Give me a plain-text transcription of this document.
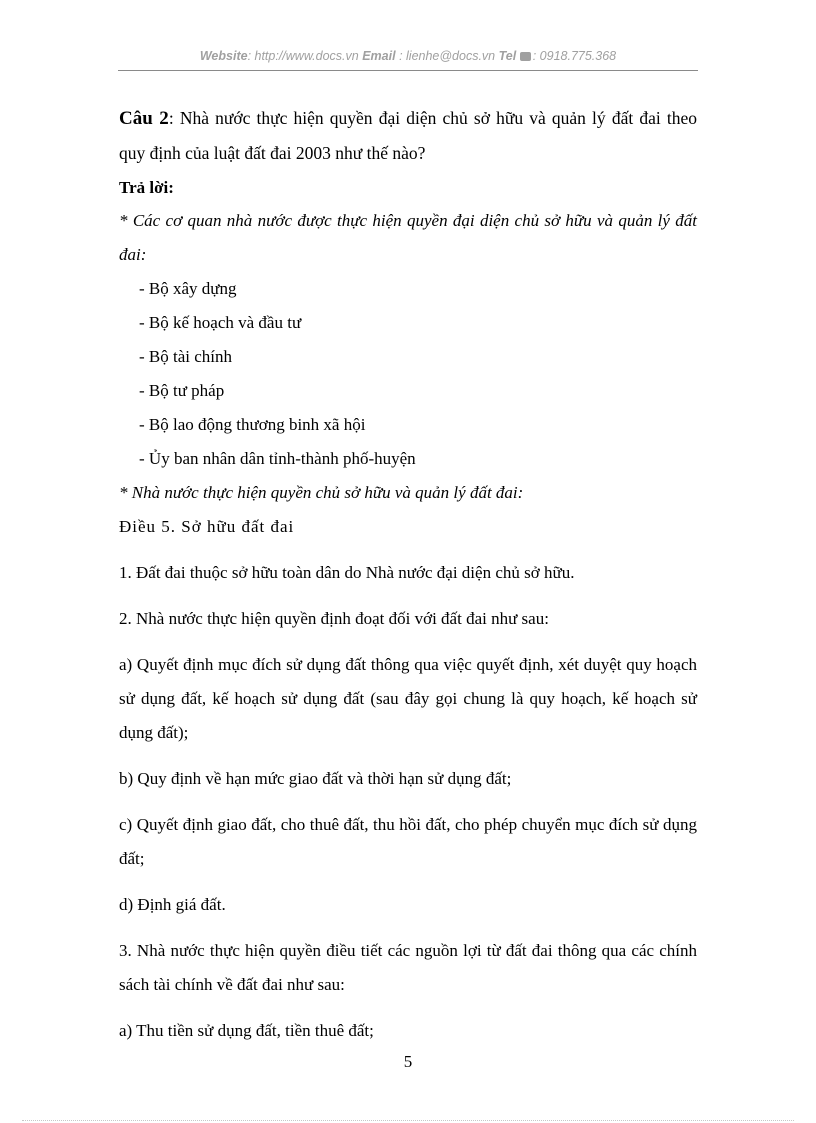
Website: http://www.docs.vn Email : lienhe@docs.vn Tel : 0918.775.368

Câu 2: Nhà nước thực hiện quyền đại diện chủ sở hữu và quản lý đất đai theo quy định của luật đất đai 2003 như thế nào?

Trả lời:

* Các cơ quan nhà nước được thực hiện quyền đại diện chủ sở hữu và quản lý đất đai:

- Bộ xây dựng
- Bộ kế hoạch và đầu tư
- Bộ tài chính
- Bộ tư pháp
- Bộ lao động thương binh xã hội
- Ủy ban nhân dân tỉnh-thành phố-huyện

* Nhà nước thực hiện quyền chủ sở hữu và quản lý đất đai:

Điều 5. Sở hữu đất đai

1. Đất đai thuộc sở hữu toàn dân do Nhà nước đại diện chủ sở hữu.

2. Nhà nước thực hiện quyền định đoạt đối với đất đai như sau:

a) Quyết định mục đích sử dụng đất thông qua việc quyết định, xét duyệt quy hoạch sử dụng đất, kế hoạch sử dụng đất (sau đây gọi chung là quy hoạch, kế hoạch sử dụng đất);

b) Quy định về hạn mức giao đất và thời hạn sử dụng đất;

c) Quyết định giao đất, cho thuê đất, thu hồi đất, cho phép chuyển mục đích sử dụng đất;

d) Định giá đất.

3. Nhà nước thực hiện quyền điều tiết các nguồn lợi từ đất đai thông qua các chính sách tài chính về đất đai như sau:

a) Thu tiền sử dụng đất, tiền thuê đất;

5
